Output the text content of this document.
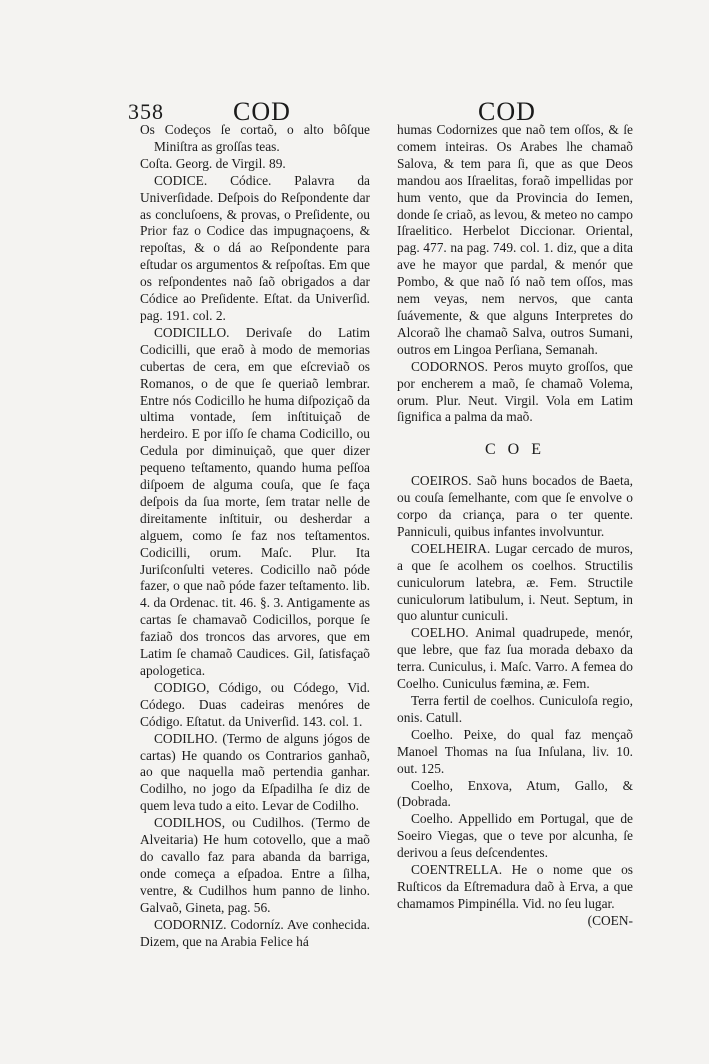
358	COD	COD

Os Codeços ſe cortaõ, o alto bôſque Miniſtra as groſſas teas.

Coſta. Georg. de Virgil. 89.

CODICE. Códice. Palavra da Univerſidade. Deſpois do Reſpondente dar as concluſoens, & provas, o Preſidente, ou Prior faz o Codice das impugnaçoens, & repoſtas, & o dá ao Reſpondente para eſtudar os argumentos & reſpoſtas. Em que os reſpondentes naõ ſaõ obrigados a dar Códice ao Preſidente. Eſtat. da Univerſid. pag. 191. col. 2.

CODICILLO. Derivaſe do Latim Codicilli, que eraõ à modo de memorias cubertas de cera, em que eſcreviaõ os Romanos, o de que ſe queriaõ lembrar. Entre nós Codicillo he huma diſpoziçaõ da ultima vontade, ſem inſtituiçaõ de herdeiro. E por iſſo ſe chama Codicillo, ou Cedula por diminuiçaõ, que quer dizer pequeno teſtamento, quando huma peſſoa diſpoem de alguma couſa, que ſe faça deſpois da ſua morte, ſem tratar nelle de direitamente inſtituir, ou desherdar a alguem, como ſe faz nos teſtamentos. Codicilli, orum. Maſc. Plur. Ita Juriſconſulti veteres. Codicillo naõ póde fazer, o que naõ póde fazer teſtamento. lib. 4. da Ordenac. tit. 46. §. 3. Antigamente as cartas ſe chamavaõ Codicillos, porque ſe faziaõ dos troncos das arvores, que em Latim ſe chamaõ Caudices. Gil, ſatisfaçaõ apologetica.

CODIGO, Código, ou Códego, Vid. Códego. Duas cadeiras menóres de Código. Eſtatut. da Univerſid. 143. col. 1.

CODILHO. (Termo de alguns jógos de cartas) He quando os Contrarios ganhaõ, ao que naquella maõ pertendia ganhar. Codilho, no jogo da Eſpadilha ſe diz de quem leva tudo a eito. Levar de Codilho.

CODILHOS, ou Cudilhos. (Termo de Alveitaria) He hum cotovello, que a maõ do cavallo faz para abanda da barriga, onde começa a eſpadoa. Entre a ſilha, ventre, & Cudilhos hum panno de linho. Galvaõ, Gineta, pag. 56.

CODORNIZ. Codorníz. Ave conhecida. Dizem, que na Arabia Felice há

humas Codornizes que naõ tem oſſos, & ſe comem inteiras. Os Arabes lhe chamaõ Salova, & tem para ſi, que as que Deos mandou aos Iſraelitas, foraõ impellidas por hum vento, que da Provincia do Iemen, donde ſe criaõ, as levou, & meteo no campo Iſraelitico. Herbelot Diccionar. Oriental, pag. 477. na pag. 749. col. 1. diz, que a dita ave he mayor que pardal, & menór que Pombo, & que naõ ſó naõ tem oſſos, mas nem veyas, nem nervos, que canta ſuávemente, & que alguns Interpretes do Alcoraõ lhe chamaõ Salva, outros Sumani, outros em Lingoa Perſiana, Semanah.

CODORNOS. Peros muyto groſſos, que por encherem a maõ, ſe chamaõ Volema, orum. Plur. Neut. Virgil. Vola em Latim ſignifica a palma da maõ.

C O E

COEIROS. Saõ huns bocados de Baeta, ou couſa ſemelhante, com que ſe envolve o corpo da criança, para o ter quente. Panniculi, quibus infantes involvuntur.

COELHEIRA. Lugar cercado de muros, a que ſe acolhem os coelhos. Structilis cuniculorum latebra, æ. Fem. Structile cuniculorum latibulum, i. Neut. Septum, in quo aluntur cuniculi.

COELHO. Animal quadrupede, menór, que lebre, que faz ſua morada debaxo da terra. Cuniculus, i. Maſc. Varro. A femea do Coelho. Cuniculus fæmina, æ. Fem.

Terra fertil de coelhos. Cuniculoſa regio, onis. Catull.

Coelho. Peixe, do qual faz mençaõ Manoel Thomas na ſua Inſulana, liv. 10. out. 125.

Coelho, Enxova, Atum, Gallo, & (Dobrada.

Coelho. Appellido em Portugal, que de Soeiro Viegas, que o teve por alcunha, ſe derivou a ſeus deſcendentes.

COENTRELLA. He o nome que os Ruſticos da Eſtremadura daõ à Erva, a que chamamos Pimpinélla. Vid. no ſeu lugar.

(COEN-
